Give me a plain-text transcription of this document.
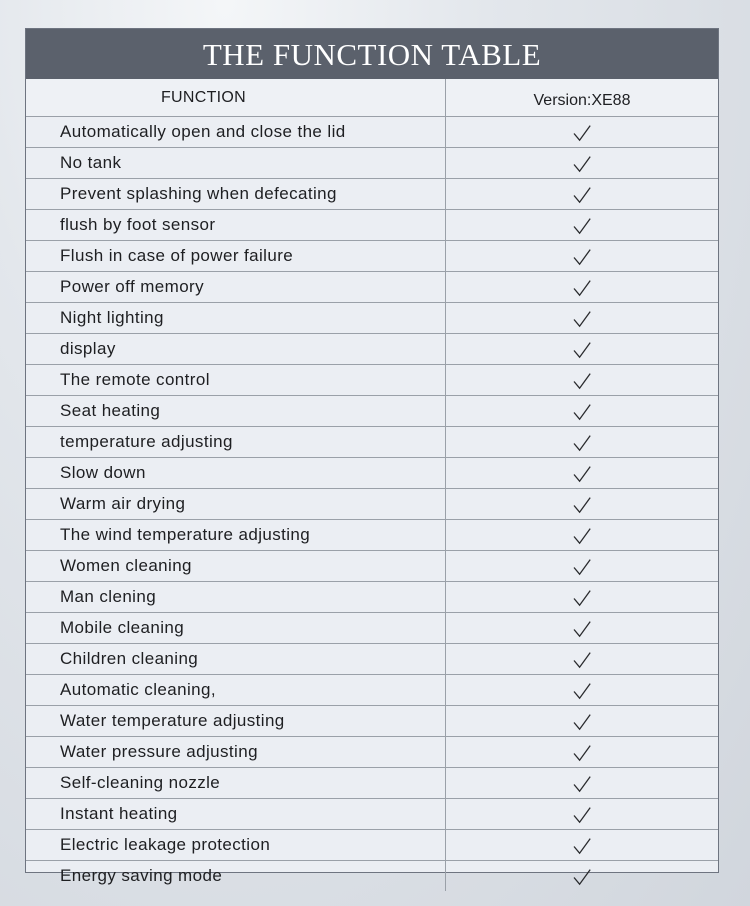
THE FUNCTION TABLE
FUNCTION	Version:XE88
Automatically open and close the lid
No tank
Prevent splashing when defecating
flush by foot sensor
Flush in case of power failure
Power off memory
Night lighting
display
The remote control
Seat heating
temperature adjusting
Slow down
Warm air drying
The wind temperature adjusting
Women cleaning
Man clening
Mobile cleaning
Children cleaning
Automatic cleaning,
Water temperature adjusting
Water pressure adjusting
Self-cleaning nozzle
Instant heating
Electric leakage protection
Energy saving mode
